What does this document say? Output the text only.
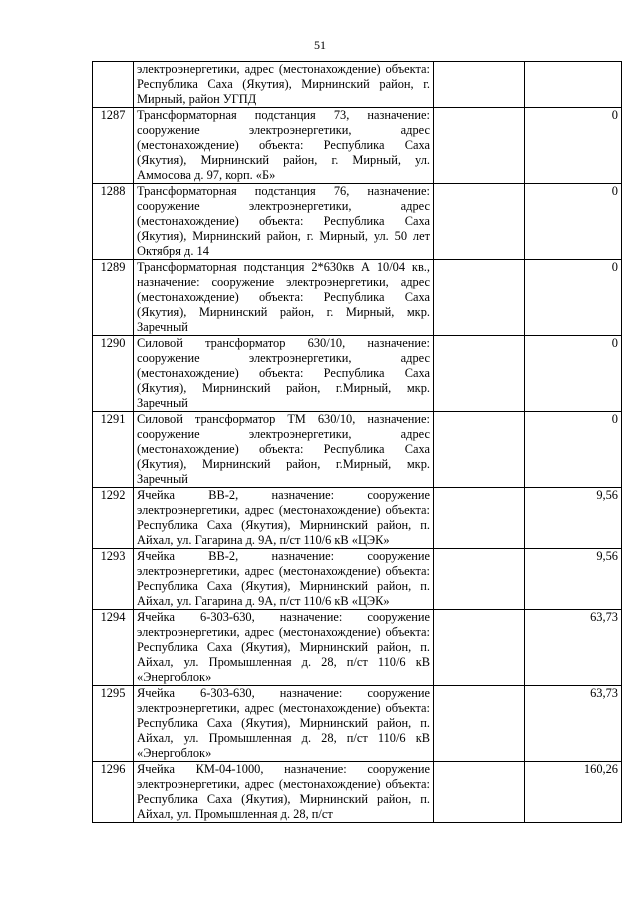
51
	электроэнергетики, адрес (местонахождение) объекта: Республика Саха (Якутия), Мирнинский район, г. Мирный, район УГПД		
1287	Трансформаторная подстанция 73, назначение: сооружение электроэнергетики, адрес (местонахождение) объекта: Республика Саха (Якутия), Мирнинский район, г. Мирный, ул. Аммосова д. 97, корп. «Б»		0
1288	Трансформаторная подстанция 76, назначение: сооружение электроэнергетики, адрес (местонахождение) объекта: Республика Саха (Якутия), Мирнинский район, г. Мирный, ул. 50 лет Октября д. 14		0
1289	Трансформаторная подстанция 2*630кв А 10/04 кв., назначение: сооружение электроэнергетики, адрес (местонахождение) объекта: Республика Саха (Якутия), Мирнинский район, г. Мирный, мкр. Заречный		0
1290	Силовой трансформатор 630/10, назначение: сооружение электроэнергетики, адрес (местонахождение) объекта: Республика Саха (Якутия), Мирнинский район, г.Мирный, мкр. Заречный		0
1291	Силовой трансформатор ТМ 630/10, назначение: сооружение электроэнергетики, адрес (местонахождение) объекта: Республика Саха (Якутия), Мирнинский район, г.Мирный, мкр. Заречный		0
1292	Ячейка ВВ-2, назначение: сооружение электроэнергетики, адрес (местонахождение) объекта: Республика Саха (Якутия), Мирнинский район, п. Айхал, ул. Гагарина д. 9А, п/ст 110/6 кВ «ЦЭК»		9,56
1293	Ячейка ВВ-2, назначение: сооружение электроэнергетики, адрес (местонахождение) объекта: Республика Саха (Якутия), Мирнинский район, п. Айхал, ул. Гагарина д. 9А, п/ст 110/6 кВ «ЦЭК»		9,56
1294	Ячейка 6-303-630, назначение: сооружение электроэнергетики, адрес (местонахождение) объекта: Республика Саха (Якутия), Мирнинский район, п. Айхал, ул. Промышленная д. 28, п/ст 110/6 кВ «Энергоблок»		63,73
1295	Ячейка 6-303-630, назначение: сооружение электроэнергетики, адрес (местонахождение) объекта: Республика Саха (Якутия), Мирнинский район, п. Айхал, ул. Промышленная д. 28, п/ст 110/6 кВ «Энергоблок»		63,73
1296	Ячейка КМ-04-1000, назначение: сооружение электроэнергетики, адрес (местонахождение) объекта: Республика Саха (Якутия), Мирнинский район, п. Айхал, ул. Промышленная д. 28, п/ст		160,26
